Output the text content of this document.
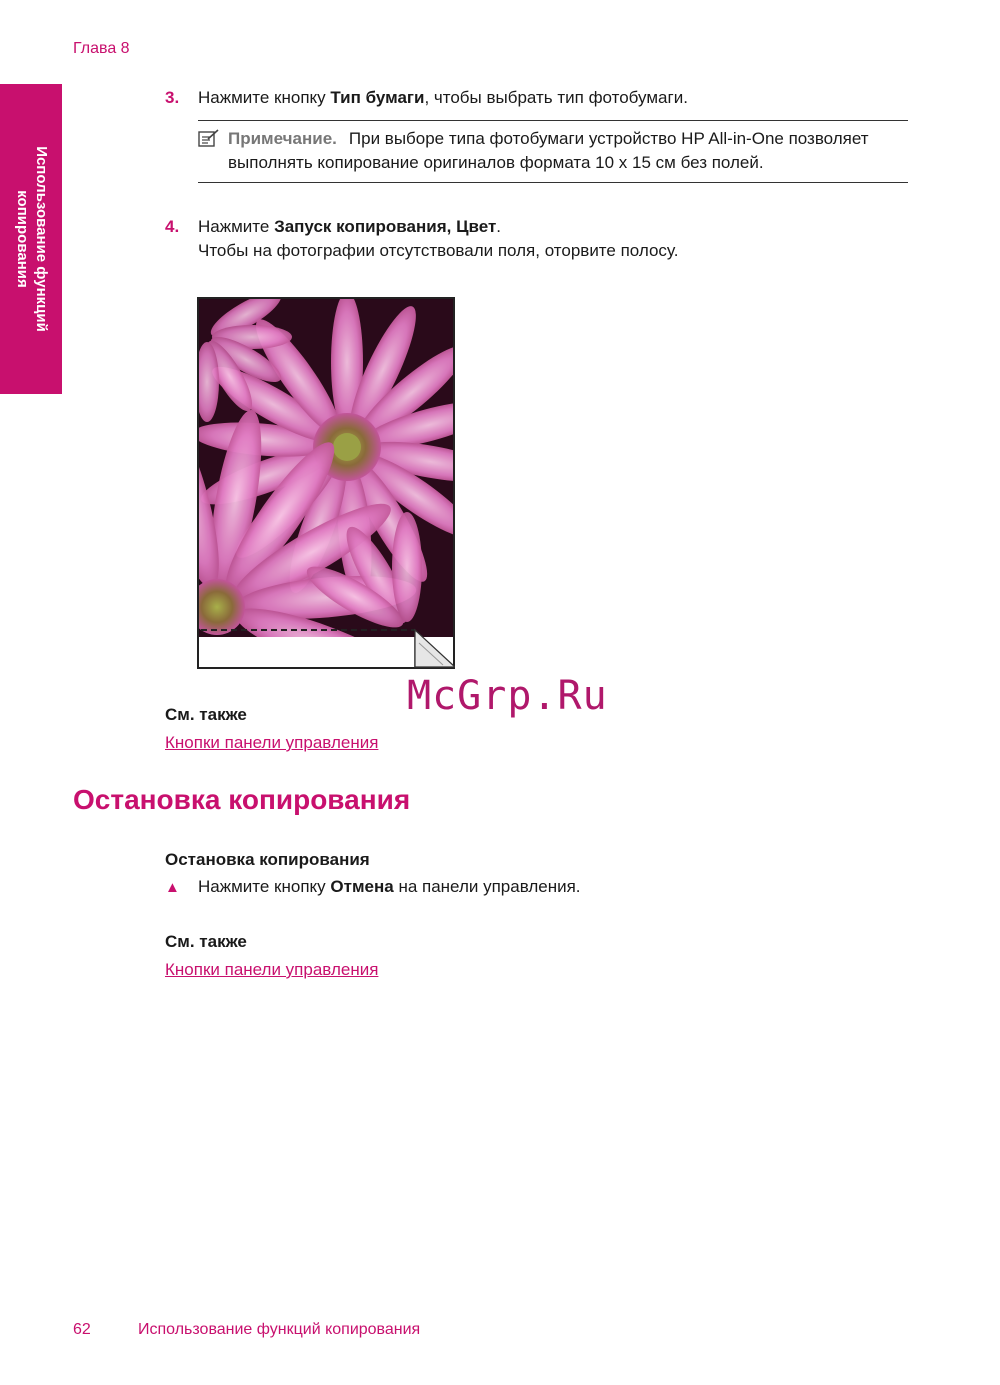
Глава 8
Использование функций
копирования
3. Нажмите кнопку Тип бумаги, чтобы выбрать тип фотобумаги.
Примечание. При выборе типа фотобумаги устройство HP All-in-One позволяет выполнять копирование оригиналов формата 10 x 15 см без полей.
4. Нажмите Запуск копирования, Цвет.
Чтобы на фотографии отсутствовали поля, оторвите полосу.
McGrp.Ru
См. также
Кнопки панели управления
Остановка копирования
Остановка копирования
▲ Нажмите кнопку Отмена на панели управления.
См. также
Кнопки панели управления
62	Использование функций копирования
